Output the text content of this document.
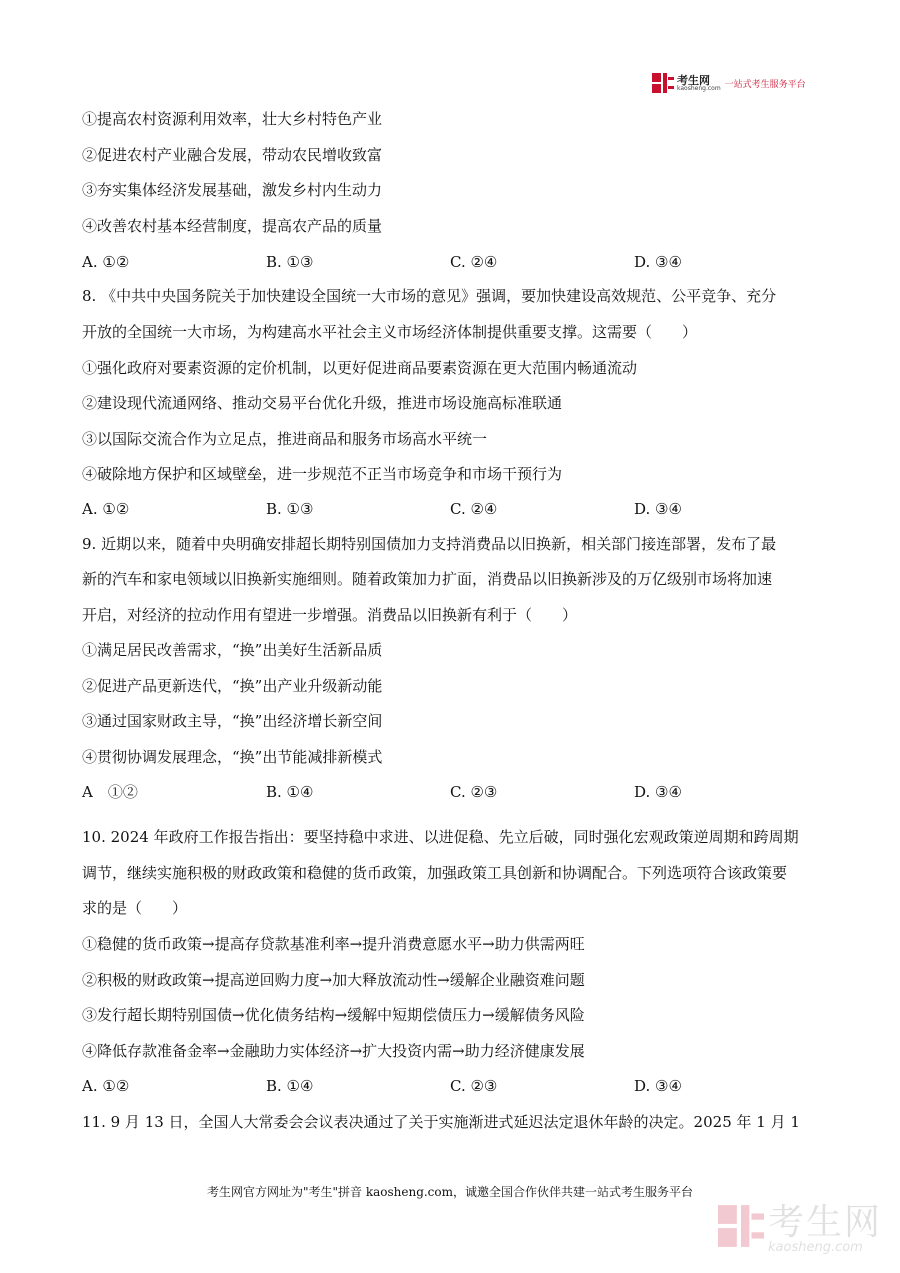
考生网
kaosheng.com 一站式考生服务平台
①提高农村资源利用效率，壮大乡村特色产业
②促进农村产业融合发展，带动农民增收致富
③夯实集体经济发展基础，激发乡村内生动力
④改善农村基本经营制度，提高农产品的质量
A. ①②	B. ①③	C. ②④	D. ③④
8. 《中共中央国务院关于加快建设全国统一大市场的意见》强调，要加快建设高效规范、公平竞争、充分
开放的全国统一大市场，为构建高水平社会主义市场经济体制提供重要支撑。这需要（　　）
①强化政府对要素资源的定价机制，以更好促进商品要素资源在更大范围内畅通流动
②建设现代流通网络、推动交易平台优化升级，推进市场设施高标准联通
③以国际交流合作为立足点，推进商品和服务市场高水平统一
④破除地方保护和区域壁垒，进一步规范不正当市场竞争和市场干预行为
A. ①②	B. ①③	C. ②④	D. ③④
9. 近期以来，随着中央明确安排超长期特别国债加力支持消费品以旧换新，相关部门接连部署，发布了最
新的汽车和家电领域以旧换新实施细则。随着政策加力扩面，消费品以旧换新涉及的万亿级别市场将加速
开启，对经济的拉动作用有望进一步增强。消费品以旧换新有利于（　　）
①满足居民改善需求，“换”出美好生活新品质
②促进产品更新迭代，“换”出产业升级新动能
③通过国家财政主导，“换”出经济增长新空间
④贯彻协调发展理念，“换”出节能减排新模式
A　①②	B. ①④	C. ②③	D. ③④
10. 2024 年政府工作报告指出：要坚持稳中求进、以进促稳、先立后破，同时强化宏观政策逆周期和跨周期
调节，继续实施积极的财政政策和稳健的货币政策，加强政策工具创新和协调配合。下列选项符合该政策要
求的是（　　）
①稳健的货币政策→提高存贷款基准利率→提升消费意愿水平→助力供需两旺
②积极的财政政策→提高逆回购力度→加大释放流动性→缓解企业融资难问题
③发行超长期特别国债→优化债务结构→缓解中短期偿债压力→缓解债务风险
④降低存款准备金率→金融助力实体经济→扩大投资内需→助力经济健康发展
A. ①②	B. ①④	C. ②③	D. ③④
11. 9 月 13 日，全国人大常委会会议表决通过了关于实施渐进式延迟法定退休年龄的决定。2025 年 1 月 1
考生网官方网址为"考生"拼音 kaosheng.com，诚邀全国合作伙伴共建一站式考生服务平台
考生网
kaosheng.com
